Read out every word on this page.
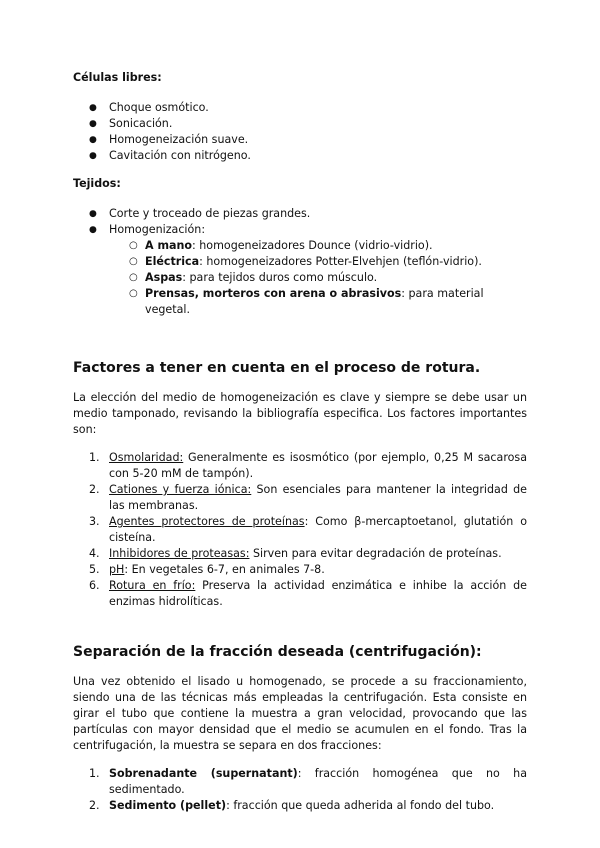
Células libres:

● Choque osmótico.
● Sonicación.
● Homogeneización suave.
● Cavitación con nitrógeno.

Tejidos:

● Corte y troceado de piezas grandes.
● Homogenización:
○ A mano: homogeneizadores Dounce (vidrio-vidrio).
○ Eléctrica: homogeneizadores Potter-Elvehjen (teflón-vidrio).
○ Aspas: para tejidos duros como músculo.
○ Prensas, morteros con arena o abrasivos: para material vegetal.
Factores a tener en cuenta en el proceso de rotura.

La elección del medio de homogeneización es clave y siempre se debe usar un medio tamponado, revisando la bibliografía especifica. Los factores importantes son:

1. Osmolaridad: Generalmente es isosmótico (por ejemplo, 0,25 M sacarosa con 5-20 mM de tampón).
2. Cationes y fuerza iónica: Son esenciales para mantener la integridad de las membranas.
3. Agentes protectores de proteínas: Como β-mercaptoetanol, glutatión o cisteína.
4. Inhibidores de proteasas: Sirven para evitar degradación de proteínas.
5. pH: En vegetales 6-7, en animales 7-8.
6. Rotura en frío: Preserva la actividad enzimática e inhibe la acción de enzimas hidrolíticas.
Separación de la fracción deseada (centrifugación):

Una vez obtenido el lisado u homogenado, se procede a su fraccionamiento, siendo una de las técnicas más empleadas la centrifugación. Esta consiste en girar el tubo que contiene la muestra a gran velocidad, provocando que las partículas con mayor densidad que el medio se acumulen en el fondo. Tras la centrifugación, la muestra se separa en dos fracciones:

1. Sobrenadante (supernatant): fracción homogénea que no ha sedimentado.
2. Sedimento (pellet): fracción que queda adherida al fondo del tubo.
